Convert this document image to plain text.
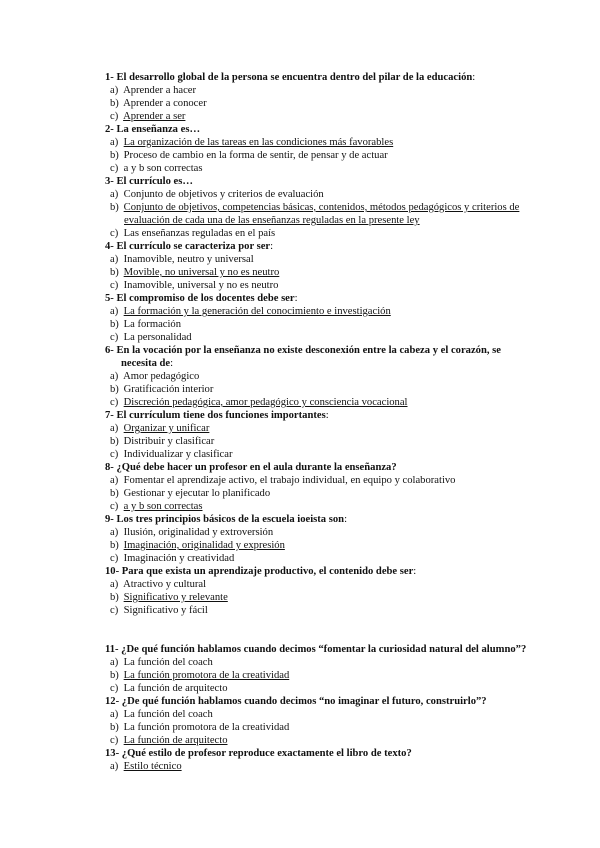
1- El desarrollo global de la persona se encuentra dentro del pilar de la educación:
a) Aprender a hacer
b) Aprender a conocer
c) Aprender a ser
2- La enseñanza es…
a) La organización de las tareas en las condiciones más favorables
b) Proceso de cambio en la forma de sentir, de pensar y de actuar
c) a y b son correctas
3- El currículo es…
a) Conjunto de objetivos y criterios de evaluación
b) Conjunto de objetivos, competencias básicas, contenidos, métodos pedagógicos y criterios de
evaluación de cada una de las enseñanzas reguladas en la presente ley
c) Las enseñanzas reguladas en el país
4- El currículo se caracteriza por ser:
a) Inamovible, neutro y universal
b) Movible, no universal y no es neutro
c) Inamovible, universal y no es neutro
5- El compromiso de los docentes debe ser:
a) La formación y la generación del conocimiento e investigación
b) La formación
c) La personalidad
6- En la vocación por la enseñanza no existe desconexión entre la cabeza y el corazón, se
necesita de:
a) Amor pedagógico
b) Gratificación interior
c) Discreción pedagógica, amor pedagógico y consciencia vocacional
7- El currículum tiene dos funciones importantes:
a) Organizar y unificar
b) Distribuir y clasificar
c) Individualizar y clasificar
8- ¿Qué debe hacer un profesor en el aula durante la enseñanza?
a) Fomentar el aprendizaje activo, el trabajo individual, en equipo y colaborativo
b) Gestionar y ejecutar lo planificado
c) a y b son correctas
9- Los tres principios básicos de la escuela ioeista son:
a) Ilusión, originalidad y extroversión
b) Imaginación, originalidad y expresión
c) Imaginación y creatividad
10- Para que exista un aprendizaje productivo, el contenido debe ser:
a) Atractivo y cultural
b) Significativo y relevante
c) Significativo y fácil
11- ¿De qué función hablamos cuando decimos “fomentar la curiosidad natural del alumno”?
a) La función del coach
b) La función promotora de la creatividad
c) La función de arquitecto
12- ¿De qué función hablamos cuando decimos “no imaginar el futuro, construirlo”?
a) La función del coach
b) La función promotora de la creatividad
c) La función de arquitecto
13- ¿Qué estilo de profesor reproduce exactamente el libro de texto?
a) Estilo técnico
